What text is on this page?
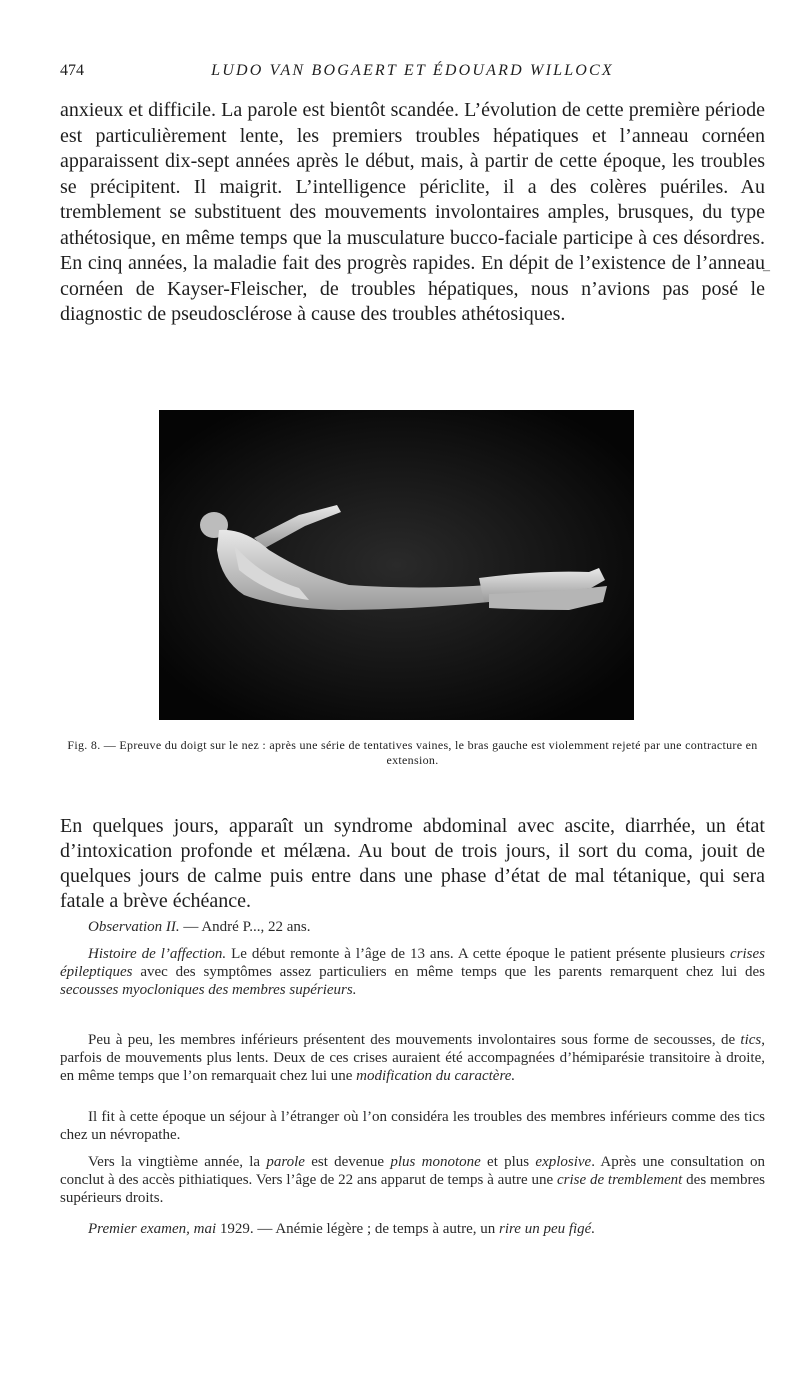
474	LUDO VAN BOGAERT ET ÉDOUARD WILLOCX

anxieux et difficile. La parole est bientôt scandée. L’évolution de cette première période est particulièrement lente, les premiers troubles hépatiques et l’anneau cornéen apparaissent dix-sept années après le début, mais, à partir de cette époque, les troubles se précipitent. Il maigrit. L’intelligence périclite, il a des colères puériles. Au tremblement se substituent des mouvements involontaires amples, brusques, du type athétosique, en même temps que la musculature bucco-faciale participe à ces désordres. En cinq années, la maladie fait des progrès rapides. En dépit de l’existence de l’anneau cornéen de Kayser-Fleischer, de troubles hépatiques, nous n’avions pas posé le diagnostic de pseudosclérose à cause des troubles athétosiques.

–

Fig. 8. — Epreuve du doigt sur le nez : après une série de tentatives vaines, le bras gauche est violemment rejeté par une contracture en extension.

En quelques jours, apparaît un syndrome abdominal avec ascite, diarrhée, un état d’intoxication profonde et mélæna. Au bout de trois jours, il sort du coma, jouit de quelques jours de calme puis entre dans une phase d’état de mal tétanique, qui sera fatale a brève échéance.

Observation II. — André P..., 22 ans.

Histoire de l’affection. Le début remonte à l’âge de 13 ans. A cette époque le patient présente plusieurs crises épileptiques avec des symptômes assez particuliers en même temps que les parents remarquent chez lui des secousses myocloniques des membres supérieurs.

Peu à peu, les membres inférieurs présentent des mouvements involontaires sous forme de secousses, de tics, parfois de mouvements plus lents. Deux de ces crises auraient été accompagnées d’hémiparésie transitoire à droite, en même temps que l’on remarquait chez lui une modification du caractère.

Il fit à cette époque un séjour à l’étranger où l’on considéra les troubles des membres inférieurs comme des tics chez un névropathe.

Vers la vingtième année, la parole est devenue plus monotone et plus explosive. Après une consultation on conclut à des accès pithiatiques. Vers l’âge de 22 ans apparut de temps à autre une crise de tremblement des membres supérieurs droits.

Premier examen, mai 1929. — Anémie légère ; de temps à autre, un rire un peu figé.
